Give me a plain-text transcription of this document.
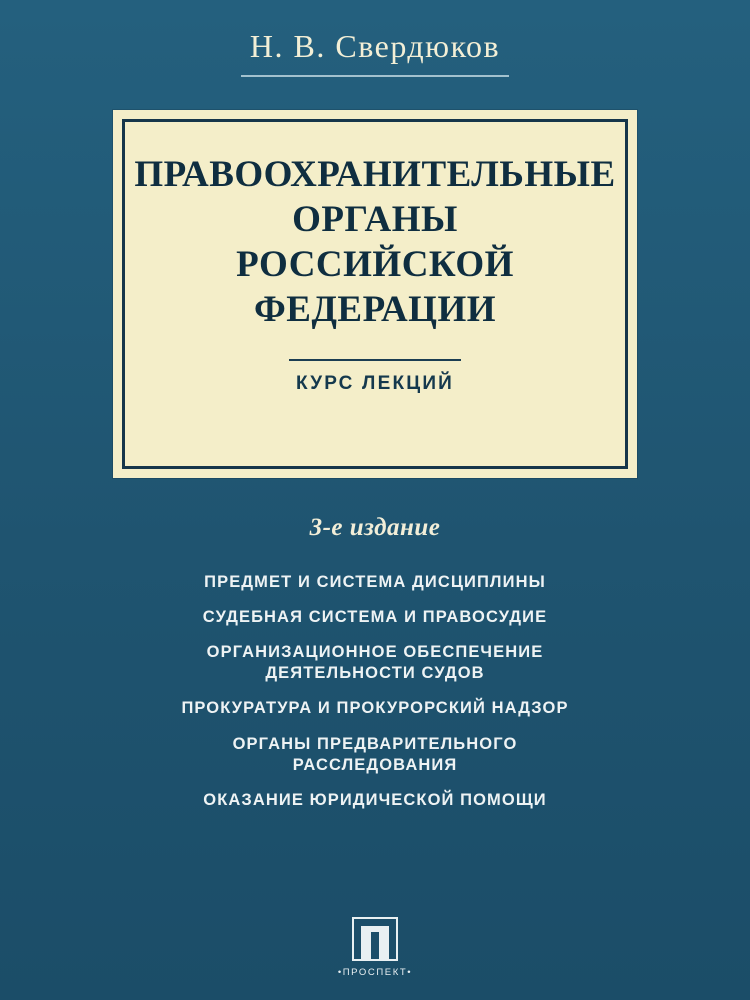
Н. В. Свердюков
ПРАВООХРАНИТЕЛЬНЫЕ
ОРГАНЫ
РОССИЙСКОЙ
ФЕДЕРАЦИИ
КУРС ЛЕКЦИЙ
3-е издание
ПРЕДМЕТ И СИСТЕМА ДИСЦИПЛИНЫ
СУДЕБНАЯ СИСТЕМА И ПРАВОСУДИЕ
ОРГАНИЗАЦИОННОЕ ОБЕСПЕЧЕНИЕ ДЕЯТЕЛЬНОСТИ СУДОВ
ПРОКУРАТУРА И ПРОКУРОРСКИЙ НАДЗОР
ОРГАНЫ ПРЕДВАРИТЕЛЬНОГО РАССЛЕДОВАНИЯ
ОКАЗАНИЕ ЮРИДИЧЕСКОЙ ПОМОЩИ
•ПРОСПЕКТ•
